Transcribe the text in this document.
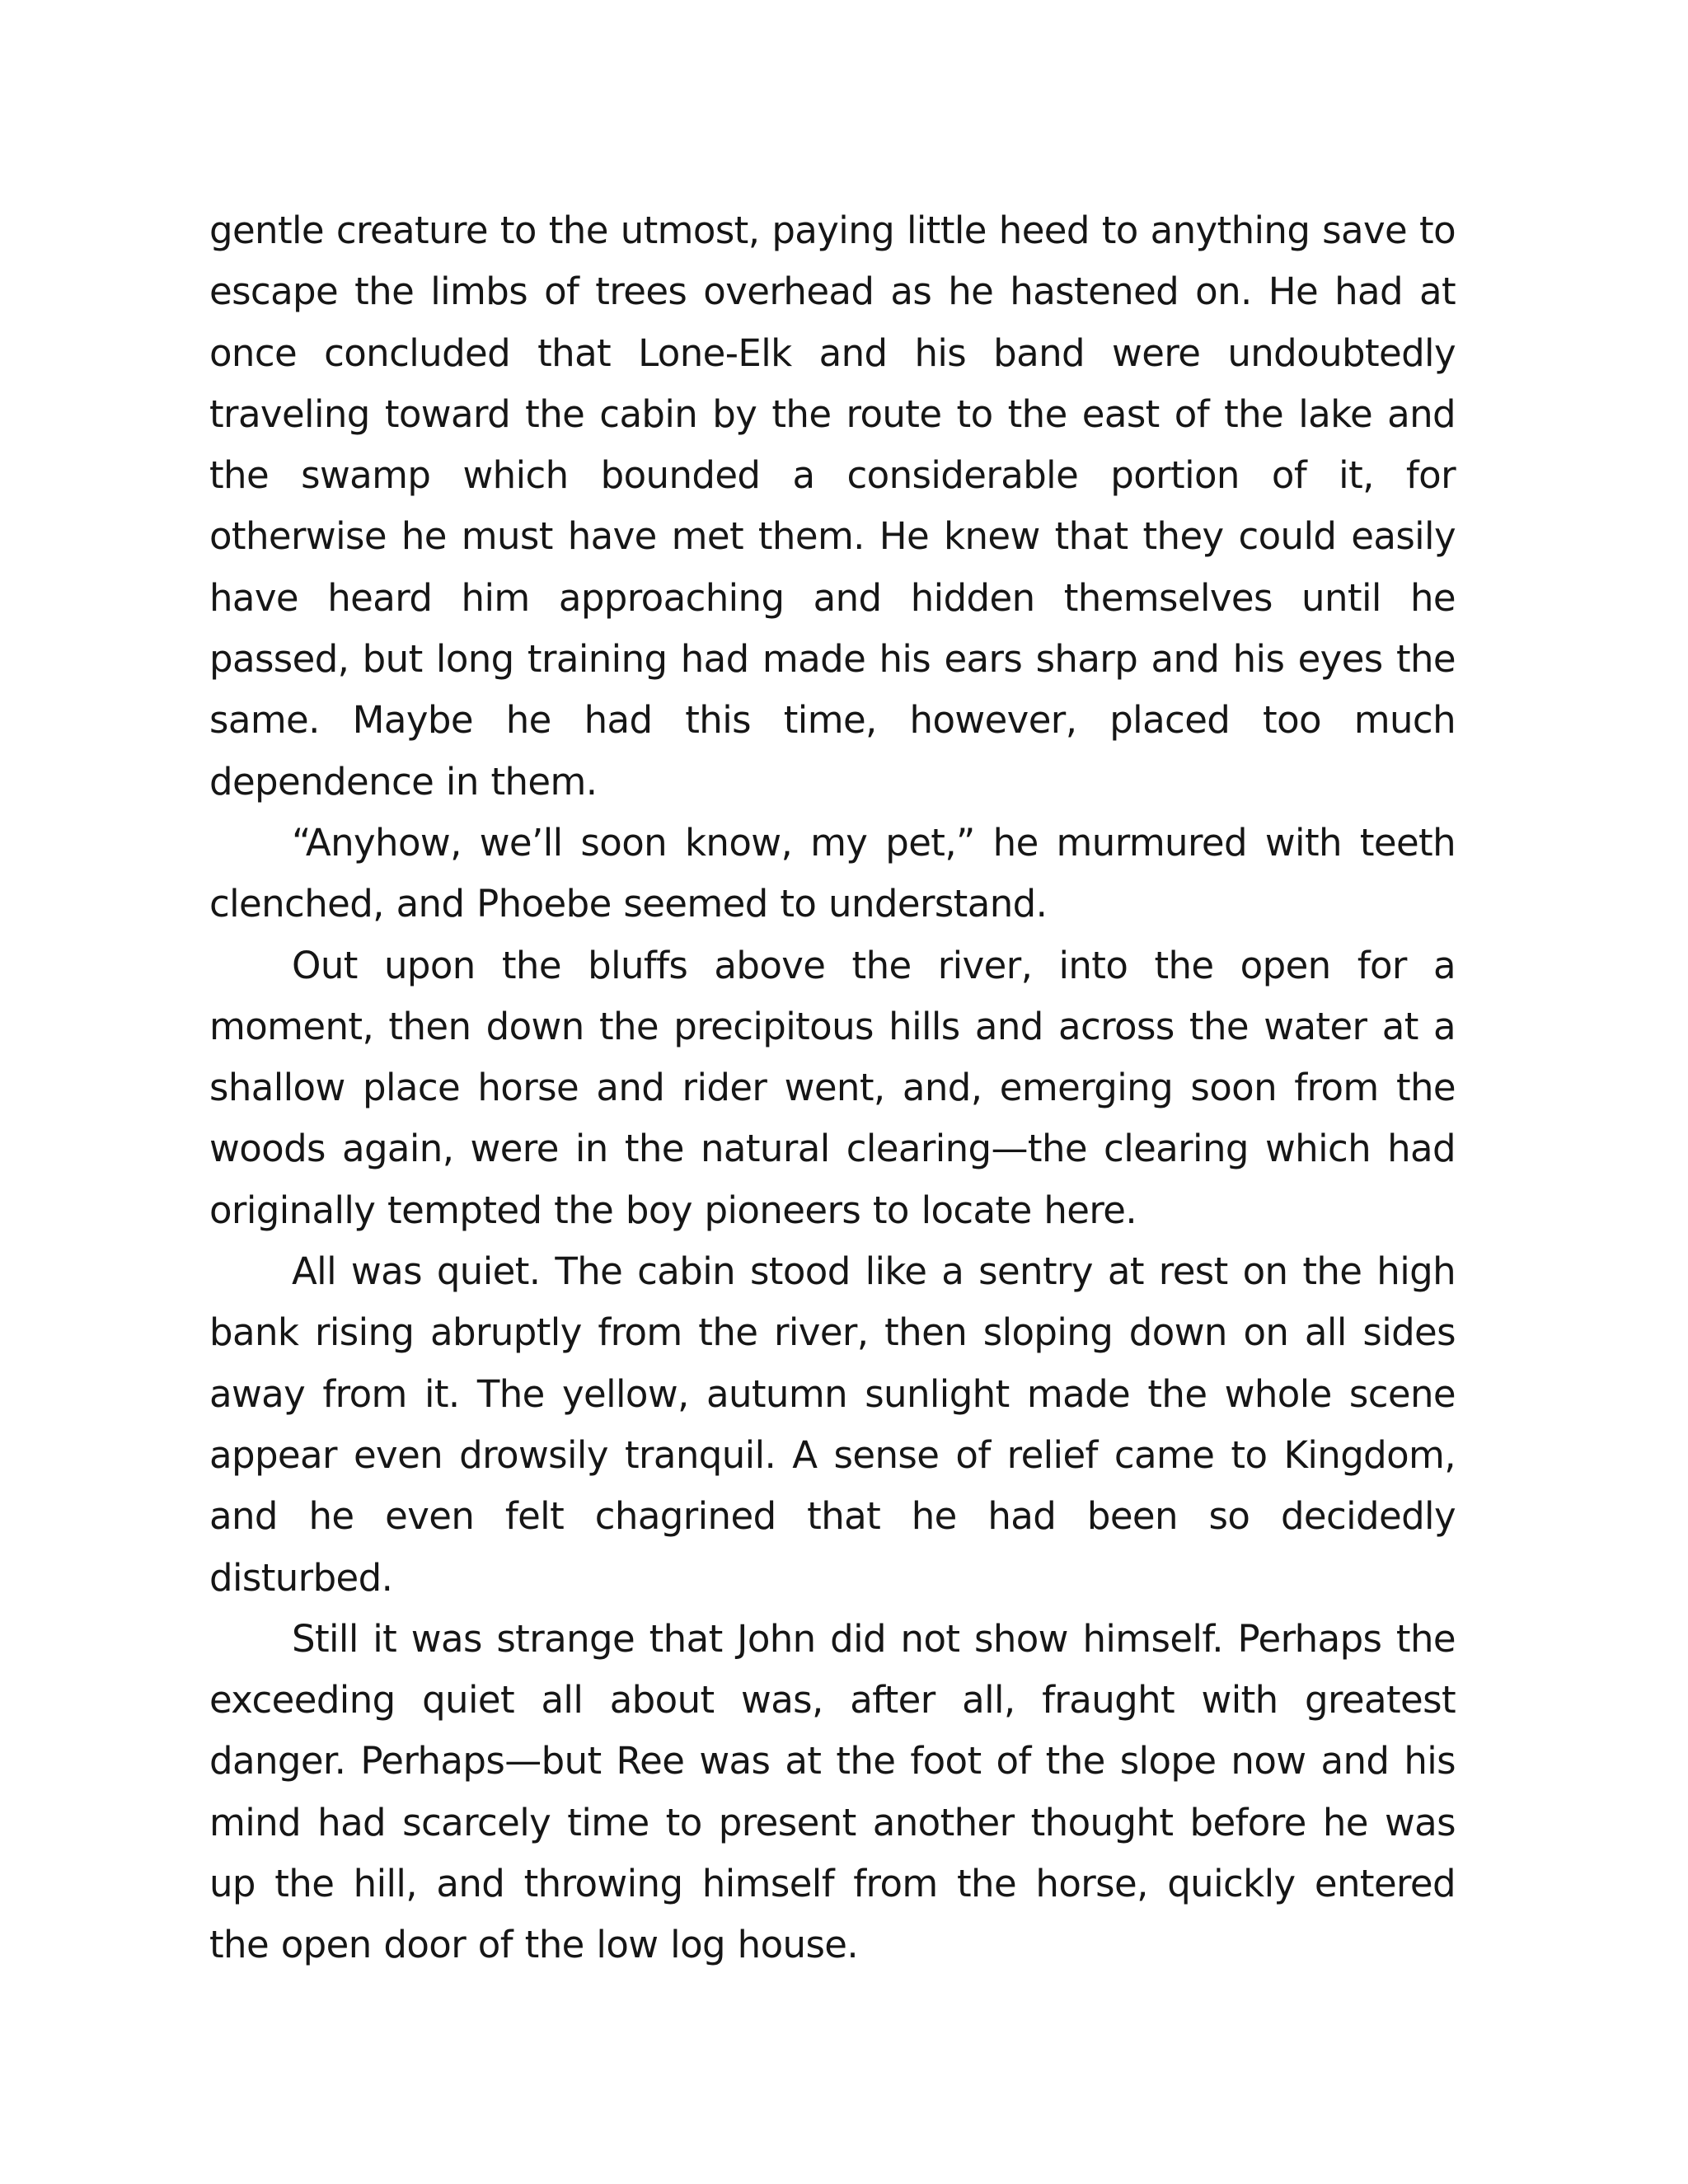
gentle creature to the utmost, paying little heed to anything save to escape the limbs of trees overhead as he hastened on. He had at once concluded that Lone-Elk and his band were undoubtedly traveling toward the cabin by the route to the east of the lake and the swamp which bounded a considerable portion of it, for otherwise he must have met them. He knew that they could easily have heard him approaching and hidden themselves until he passed, but long training had made his ears sharp and his eyes the same. Maybe he had this time, however, placed too much dependence in them.

“Anyhow, we’ll soon know, my pet,” he murmured with teeth clenched, and Phoebe seemed to understand.

Out upon the bluffs above the river, into the open for a moment, then down the precipitous hills and across the water at a shallow place horse and rider went, and, emerging soon from the woods again, were in the natural clearing—the clearing which had originally tempted the boy pioneers to locate here.

All was quiet. The cabin stood like a sentry at rest on the high bank rising abruptly from the river, then sloping down on all sides away from it. The yellow, autumn sunlight made the whole scene appear even drowsily tranquil. A sense of relief came to Kingdom, and he even felt chagrined that he had been so decidedly disturbed.

Still it was strange that John did not show himself. Perhaps the exceeding quiet all about was, after all, fraught with greatest danger. Perhaps—but Ree was at the foot of the slope now and his mind had scarcely time to present another thought before he was up the hill, and throwing himself from the horse, quickly entered the open door of the low log house.
